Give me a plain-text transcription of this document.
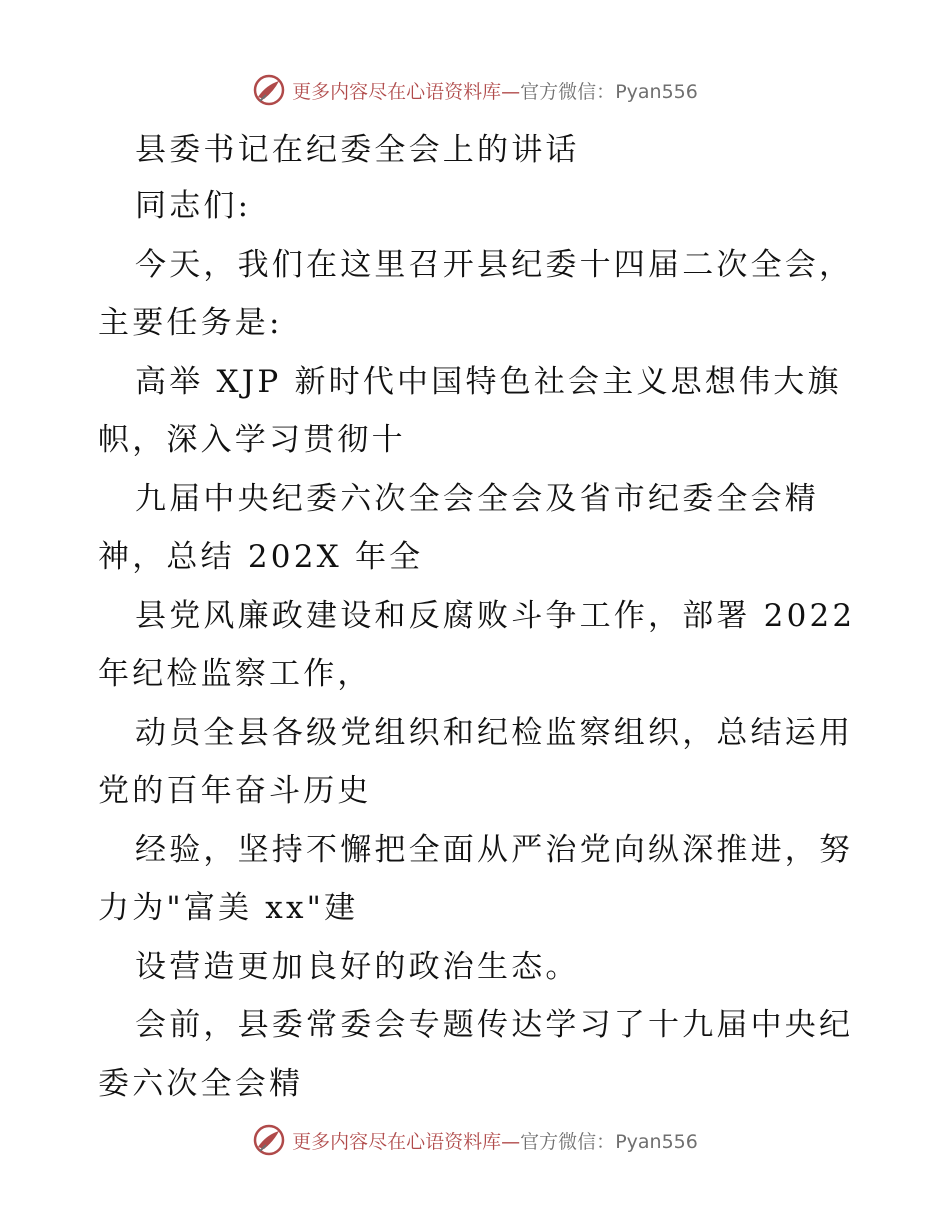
更多内容尽在心语资料库—官方微信：Pyan556
县委书记在纪委全会上的讲话
同志们:
今天，我们在这里召开县纪委十四届二次全会，
主要任务是:
高举 XJP 新时代中国特色社会主义思想伟大旗
帜，深入学习贯彻十
九届中央纪委六次全会全会及省市纪委全会精
神，总结 202X 年全
县党风廉政建设和反腐败斗争工作，部署 2022
年纪检监察工作，
动员全县各级党组织和纪检监察组织，总结运用
党的百年奋斗历史
经验，坚持不懈把全面从严治党向纵深推进，努
力为"富美 xx"建
设营造更加良好的政治生态。
会前，县委常委会专题传达学习了十九届中央纪
委六次全会精
更多内容尽在心语资料库—官方微信：Pyan556
